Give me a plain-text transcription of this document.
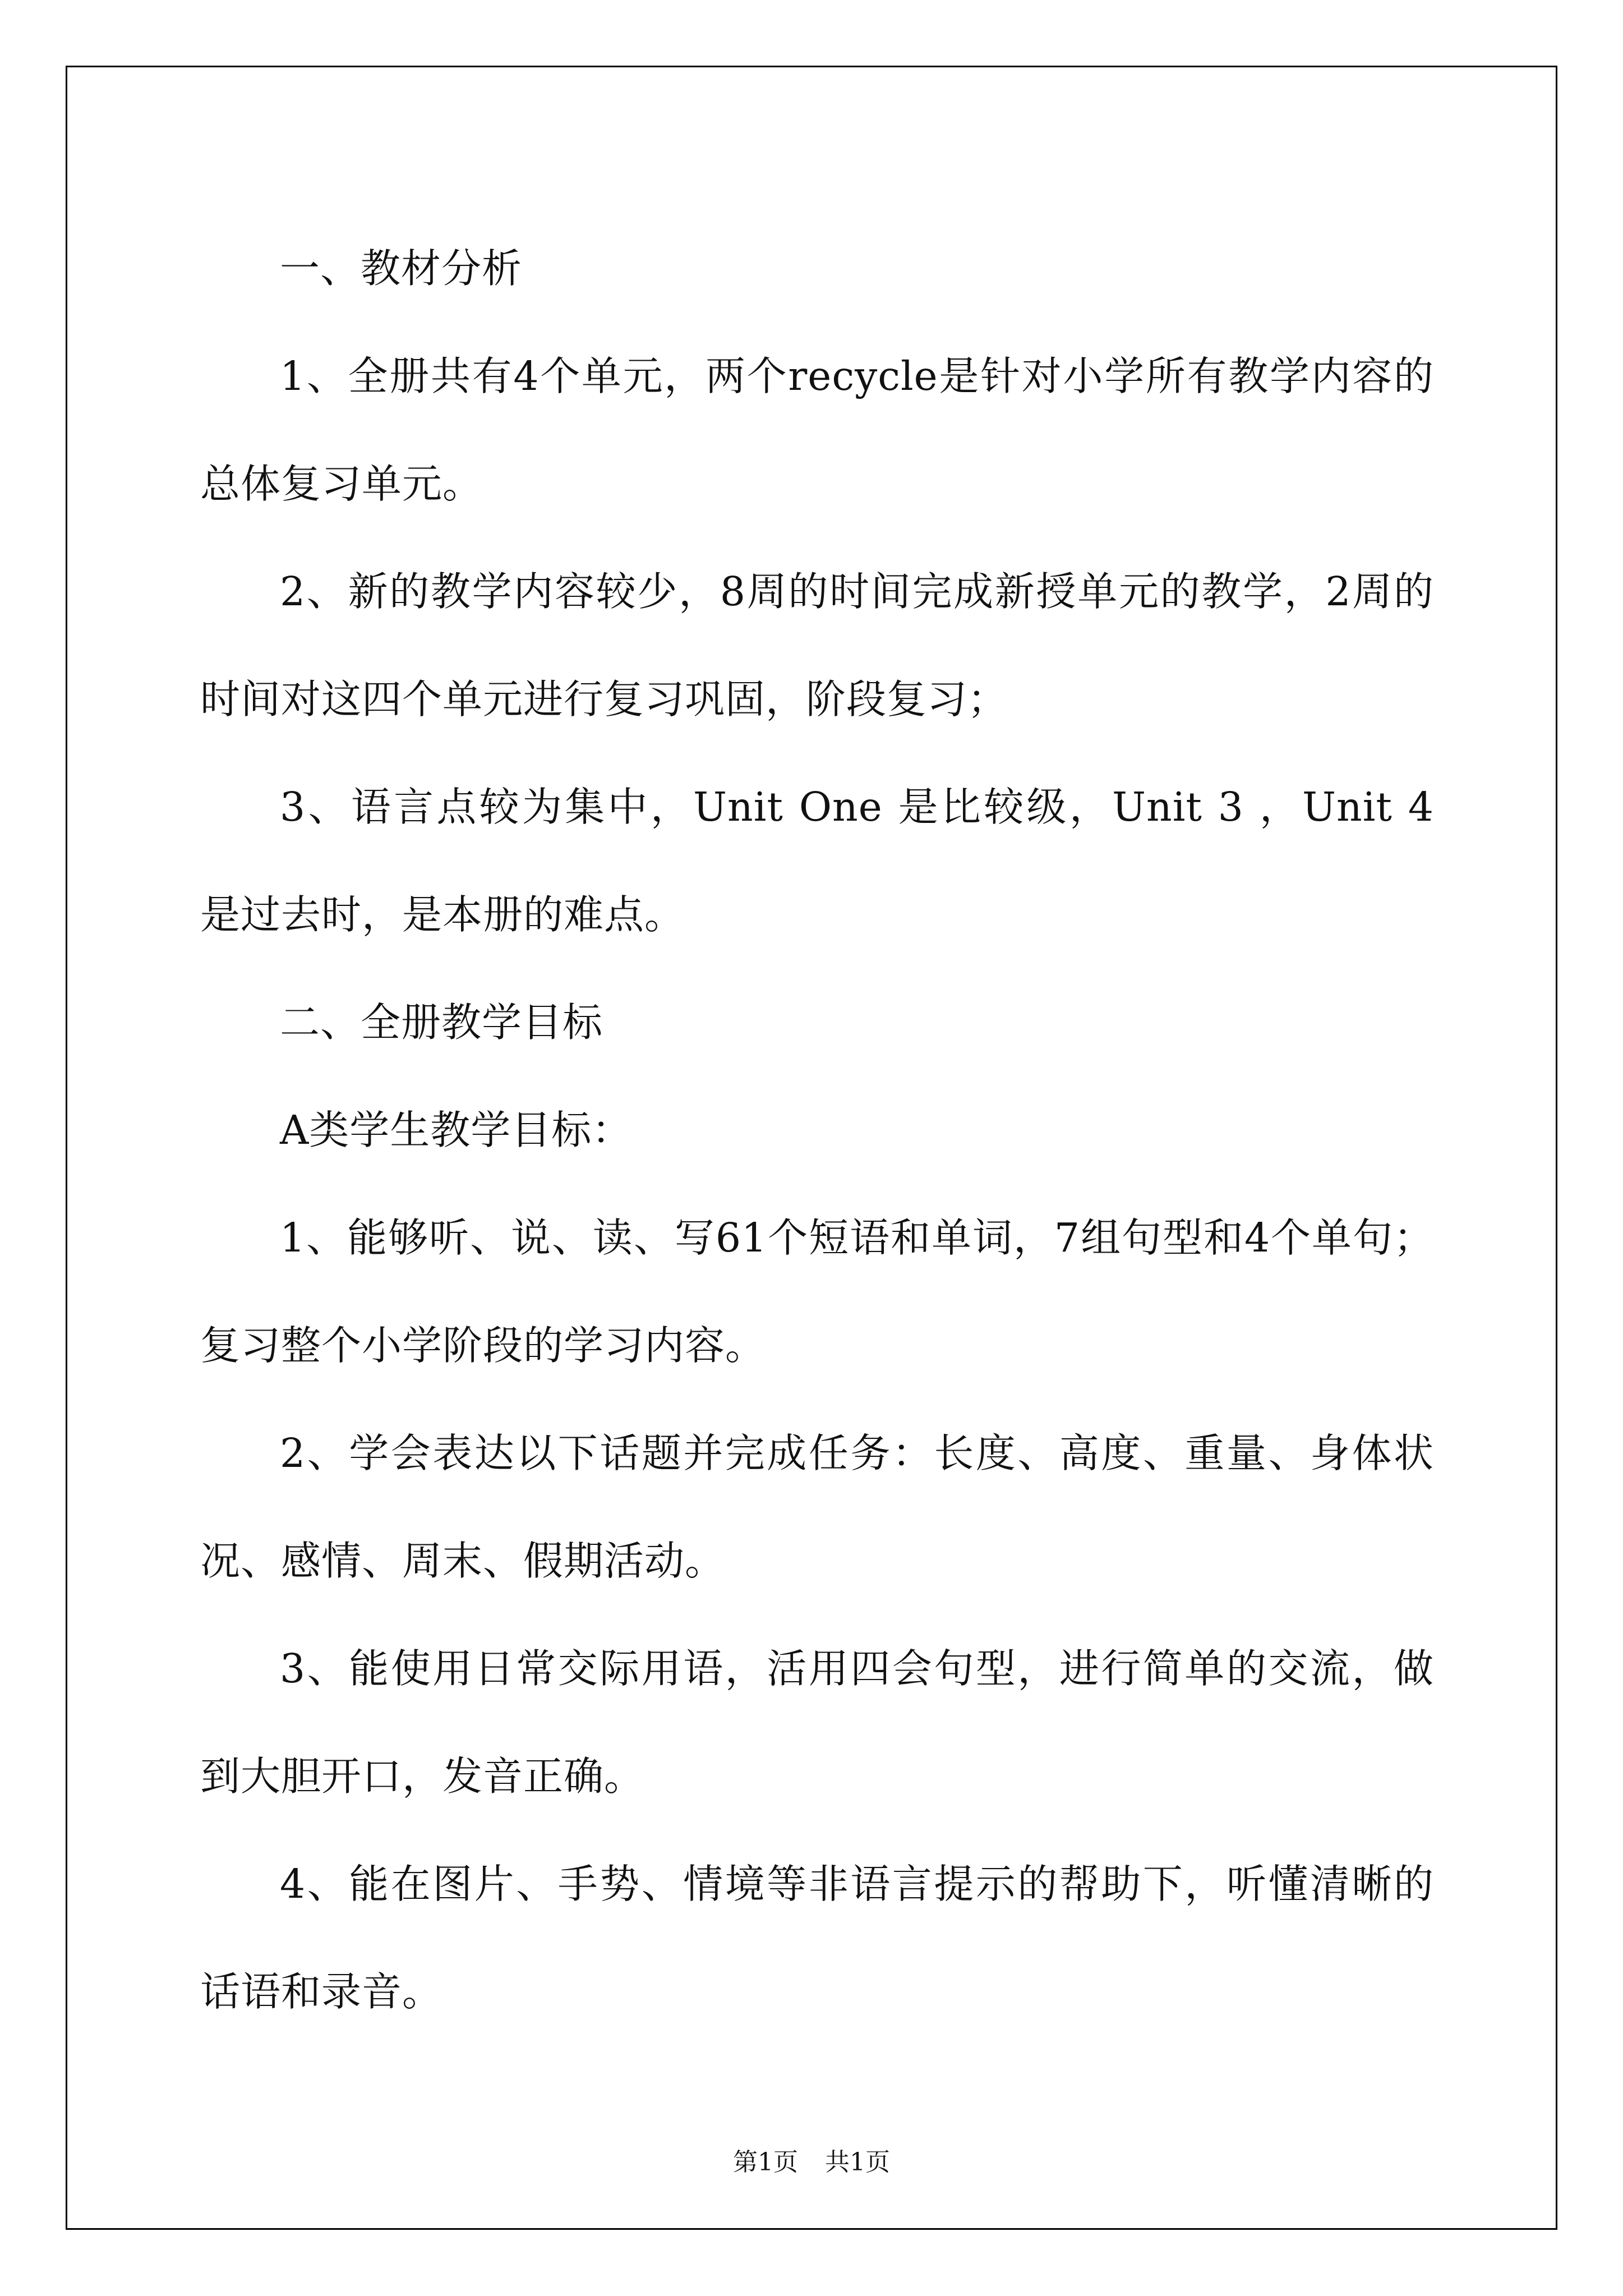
一、教材分析

1、全册共有4个单元，两个recycle是针对小学所有教学内容的总体复习单元。

2、新的教学内容较少，8周的时间完成新授单元的教学，2周的时间对这四个单元进行复习巩固，阶段复习；

3、语言点较为集中，Unit One 是比较级，Unit 3 ，Unit 4 是过去时，是本册的难点。

二、全册教学目标

A类学生教学目标：

1、能够听、说、读、写61个短语和单词，7组句型和4个单句；复习整个小学阶段的学习内容。

2、学会表达以下话题并完成任务：长度、高度、重量、身体状况、感情、周末、假期活动。

3、能使用日常交际用语，活用四会句型，进行简单的交流，做到大胆开口，发音正确。

4、能在图片、手势、情境等非语言提示的帮助下，听懂清晰的话语和录音。

第1页 共1页
